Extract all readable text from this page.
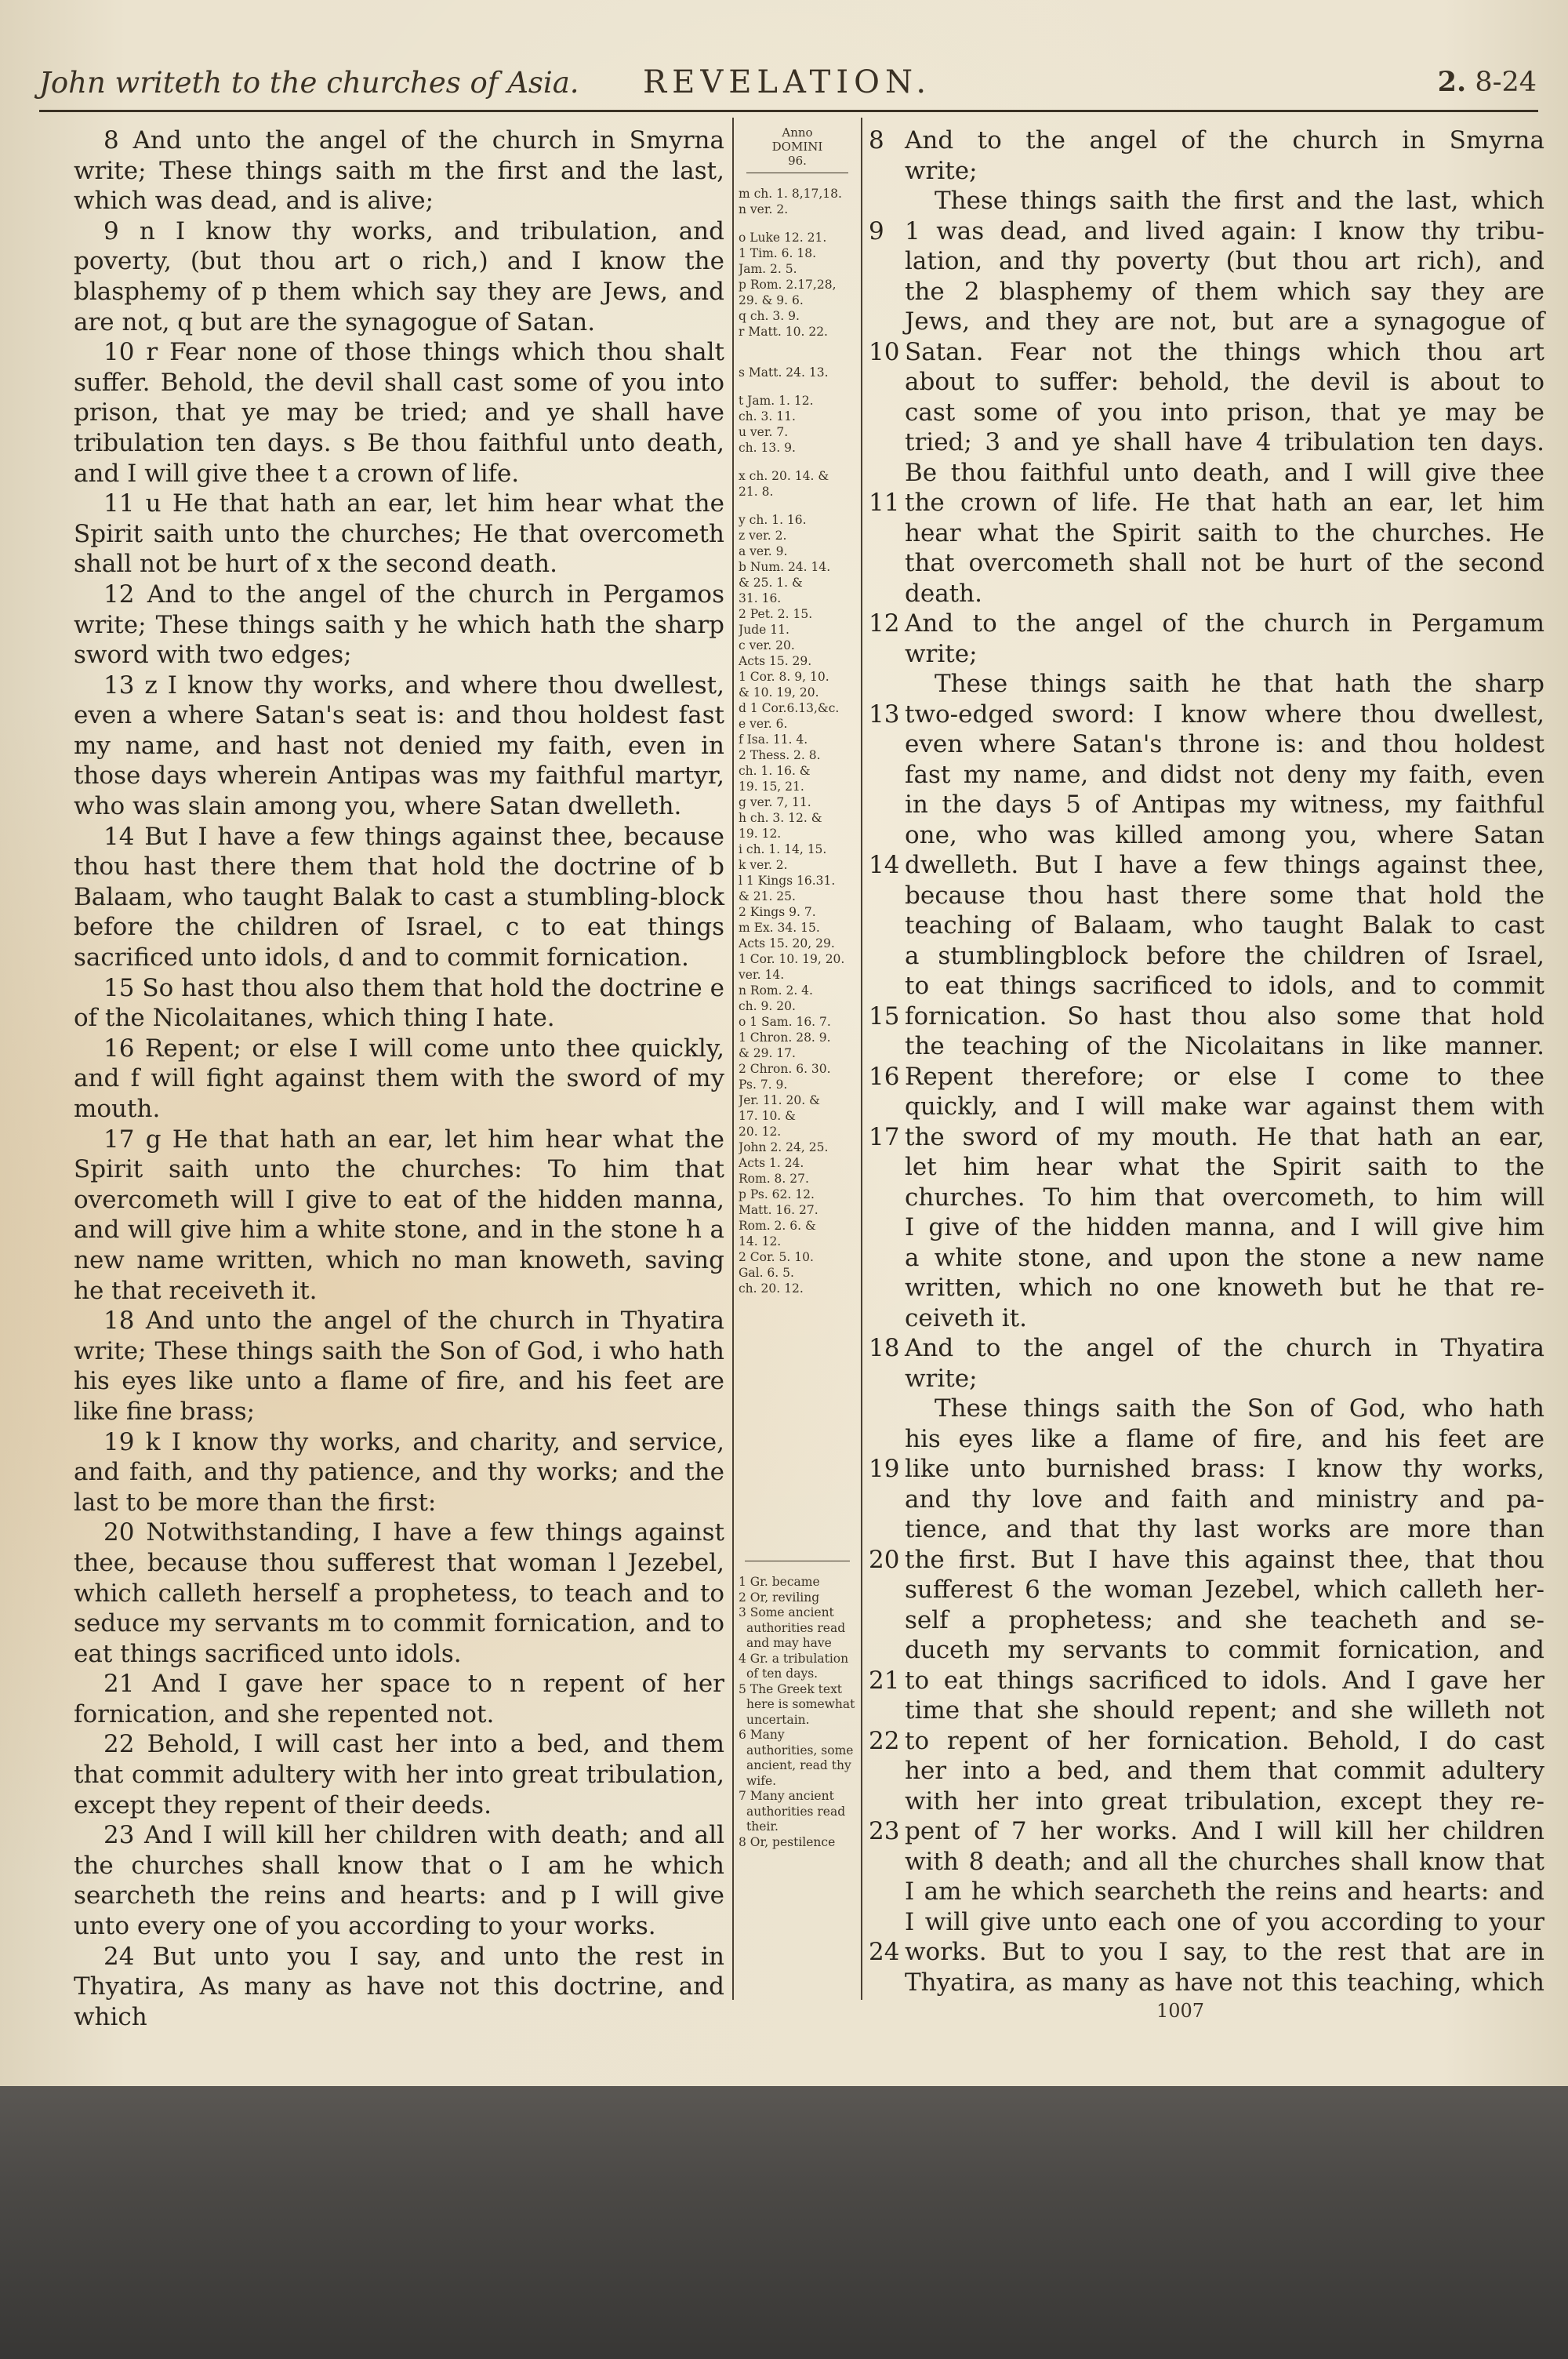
John writeth to the churches of Asia. REVELATION.	2. 8-24

8 And unto the angel of the church in Smyrna write; These things saith m the first and the last, which was dead, and is alive;

9 n I know thy works, and tribulation, and poverty, (but thou art o rich,) and I know the blasphemy of p them which say they are Jews, and are not, q but are the synagogue of Satan.

10 r Fear none of those things which thou shalt suffer. Behold, the devil shall cast some of you into prison, that ye may be tried; and ye shall have tribulation ten days. s Be thou faithful unto death, and I will give thee t a crown of life.

11 u He that hath an ear, let him hear what the Spirit saith unto the churches; He that overcometh shall not be hurt of x the second death.

12 And to the angel of the church in Pergamos write; These things saith y he which hath the sharp sword with two edges;

13 z I know thy works, and where thou dwellest, even a where Satan's seat is: and thou holdest fast my name, and hast not denied my faith, even in those days wherein Antipas was my faithful martyr, who was slain among you, where Satan dwelleth.

14 But I have a few things against thee, because thou hast there them that hold the doctrine of b Balaam, who taught Balak to cast a stumbling-block before the children of Israel, c to eat things sacrificed unto idols, d and to commit fornication.

15 So hast thou also them that hold the doctrine e of the Nicolaitanes, which thing I hate.

16 Repent; or else I will come unto thee quickly, and f will fight against them with the sword of my mouth.

17 g He that hath an ear, let him hear what the Spirit saith unto the churches: To him that overcometh will I give to eat of the hidden manna, and will give him a white stone, and in the stone h a new name written, which no man knoweth, saving he that receiveth it.

18 And unto the angel of the church in Thyatira write; These things saith the Son of God, i who hath his eyes like unto a flame of fire, and his feet are like fine brass;

19 k I know thy works, and charity, and service, and faith, and thy patience, and thy works; and the last to be more than the first:

20 Notwithstanding, I have a few things against thee, because thou sufferest that woman l Jezebel, which calleth herself a prophetess, to teach and to seduce my servants m to commit fornication, and to eat things sacrificed unto idols.

21 And I gave her space to n repent of her fornication, and she repented not.

22 Behold, I will cast her into a bed, and them that commit adultery with her into great tribulation, except they repent of their deeds.

23 And I will kill her children with death; and all the churches shall know that o I am he which searcheth the reins and hearts: and p I will give unto every one of you according to your works.

24 But unto you I say, and unto the rest in Thyatira, As many as have not this doctrine, and which

Anno
DOMINI
96.
m ch. 1. 8,17,18.
n ver. 2.
o Luke 12. 21.
1 Tim. 6. 18.
Jam. 2. 5.
p Rom. 2.17,28,
29. & 9. 6.
q ch. 3. 9.
r Matt. 10. 22.
s Matt. 24. 13.
t Jam. 1. 12.
ch. 3. 11.
u ver. 7.
ch. 13. 9.
x ch. 20. 14. &
21. 8.
y ch. 1. 16.
z ver. 2.
a ver. 9.
b Num. 24. 14.
& 25. 1. &
31. 16.
2 Pet. 2. 15.
Jude 11.
c ver. 20.
Acts 15. 29.
1 Cor. 8. 9, 10.
& 10. 19, 20.
d 1 Cor.6.13,&c.
e ver. 6.
f Isa. 11. 4.
2 Thess. 2. 8.
ch. 1. 16. &
19. 15, 21.
g ver. 7, 11.
h ch. 3. 12. &
19. 12.
i ch. 1. 14, 15.
k ver. 2.
l 1 Kings 16.31.
& 21. 25.
2 Kings 9. 7.
m Ex. 34. 15.
Acts 15. 20, 29.
1 Cor. 10. 19, 20.
ver. 14.
n Rom. 2. 4.
ch. 9. 20.
o 1 Sam. 16. 7.
1 Chron. 28. 9.
& 29. 17.
2 Chron. 6. 30.
Ps. 7. 9.
Jer. 11. 20. &
17. 10. &
20. 12.
John 2. 24, 25.
Acts 1. 24.
Rom. 8. 27.
p Ps. 62. 12.
Matt. 16. 27.
Rom. 2. 6. &
14. 12.
2 Cor. 5. 10.
Gal. 6. 5.
ch. 20. 12.
1 Gr. became
2 Or, reviling
3 Some ancient authorities read and may have
4 Gr. a tribulation of ten days.
5 The Greek text here is somewhat uncertain.
6 Many authorities, some ancient, read thy wife.
7 Many ancient authorities read their.
8 Or, pestilence
8 And to the angel of the church in Smyrna
write;
These things saith the first and the last, which
9 1 was dead, and lived again: I know thy tribu-
lation, and thy poverty (but thou art rich), and
the 2 blasphemy of them which say they are
Jews, and they are not, but are a synagogue of
10 Satan. Fear not the things which thou art
about to suffer: behold, the devil is about to
cast some of you into prison, that ye may be
tried; 3 and ye shall have 4 tribulation ten days.
Be thou faithful unto death, and I will give thee
11 the crown of life. He that hath an ear, let him
hear what the Spirit saith to the churches. He
that overcometh shall not be hurt of the second
death.
12 And to the angel of the church in Pergamum
write;
These things saith he that hath the sharp
13 two-edged sword: I know where thou dwellest,
even where Satan's throne is: and thou holdest
fast my name, and didst not deny my faith, even
in the days 5 of Antipas my witness, my faithful
one, who was killed among you, where Satan
14 dwelleth. But I have a few things against thee,
because thou hast there some that hold the
teaching of Balaam, who taught Balak to cast
a stumblingblock before the children of Israel,
to eat things sacrificed to idols, and to commit
15 fornication. So hast thou also some that hold
the teaching of the Nicolaitans in like manner.
16 Repent therefore; or else I come to thee
quickly, and I will make war against them with
17 the sword of my mouth. He that hath an ear,
let him hear what the Spirit saith to the
churches. To him that overcometh, to him will
I give of the hidden manna, and I will give him
a white stone, and upon the stone a new name
written, which no one knoweth but he that re-
ceiveth it.
18 And to the angel of the church in Thyatira
write;
These things saith the Son of God, who hath
his eyes like a flame of fire, and his feet are
19 like unto burnished brass: I know thy works,
and thy love and faith and ministry and pa-
tience, and that thy last works are more than
20 the first. But I have this against thee, that thou
sufferest 6 the woman Jezebel, which calleth her-
self a prophetess; and she teacheth and se-
duceth my servants to commit fornication, and
21 to eat things sacrificed to idols. And I gave her
time that she should repent; and she willeth not
22 to repent of her fornication. Behold, I do cast
her into a bed, and them that commit adultery
with her into great tribulation, except they re-
23 pent of 7 her works. And I will kill her children
with 8 death; and all the churches shall know that
I am he which searcheth the reins and hearts: and
I will give unto each one of you according to your
24 works. But to you I say, to the rest that are in
Thyatira, as many as have not this teaching, which
1007
